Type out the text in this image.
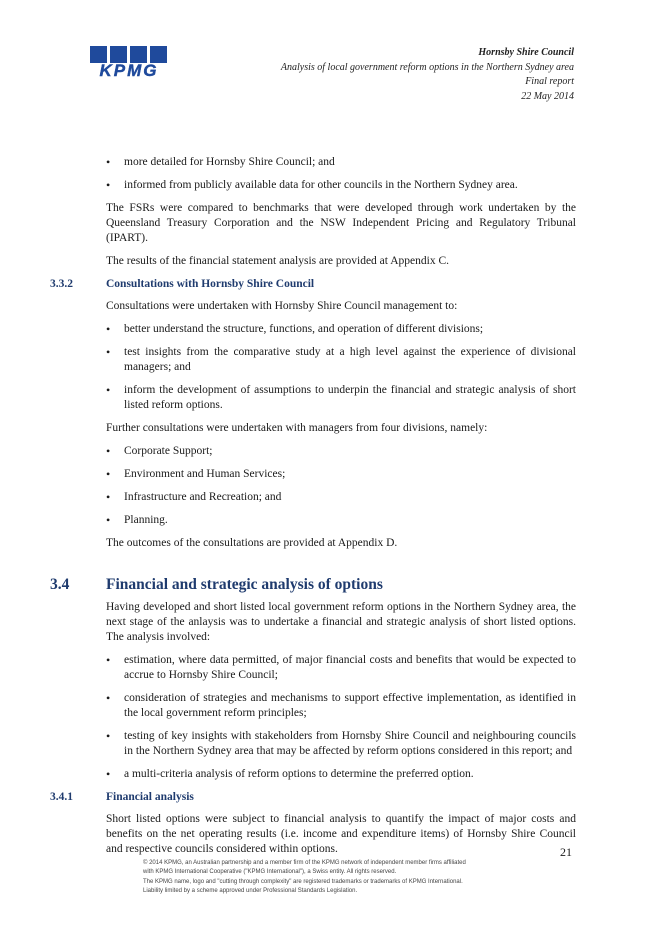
KPMG
Hornsby Shire Council
Analysis of local government reform options in the Northern Sydney area
Final report
22 May 2014
• more detailed for Hornsby Shire Council; and
• informed from publicly available data for other councils in the Northern Sydney area.

The FSRs were compared to benchmarks that were developed through work undertaken by the Queensland Treasury Corporation and the NSW Independent Pricing and Regulatory Tribunal (IPART).

The results of the financial statement analysis are provided at Appendix C.

3.3.2	Consultations with Hornsby Shire Council

Consultations were undertaken with Hornsby Shire Council management to:

• better understand the structure, functions, and operation of different divisions;
• test insights from the comparative study at a high level against the experience of divisional managers; and
• inform the development of assumptions to underpin the financial and strategic analysis of short listed reform options.

Further consultations were undertaken with managers from four divisions, namely:

• Corporate Support;
• Environment and Human Services;
• Infrastructure and Recreation; and
• Planning.

The outcomes of the consultations are provided at Appendix D.

3.4 Financial and strategic analysis of options

Having developed and short listed local government reform options in the Northern Sydney area, the next stage of the anlaysis was to undertake a financial and strategic analysis of short listed options. The analysis involved:

• estimation, where data permitted, of major financial costs and benefits that would be expected to accrue to Hornsby Shire Council;
• consideration of strategies and mechanisms to support effective implementation, as identified in the local government reform principles;
• testing of key insights with stakeholders from Hornsby Shire Council and neighbouring councils in the Northern Sydney area that may be affected by reform options considered in this report; and
• a multi-criteria analysis of reform options to determine the preferred option.
3.4.1	Financial analysis

Short listed options were subject to financial analysis to quantify the impact of major costs and benefits on the net operating results (i.e. income and expenditure items) of Hornsby Shire Council and respective councils considered within options.	21
© 2014 KPMG, an Australian partnership and a member firm of the KPMG network of independent member firms affiliated
with KPMG International Cooperative ("KPMG International"), a Swiss entity. All rights reserved.
The KPMG name, logo and "cutting through complexity" are registered trademarks or trademarks of KPMG International.
Liability limited by a scheme approved under Professional Standards Legislation.
